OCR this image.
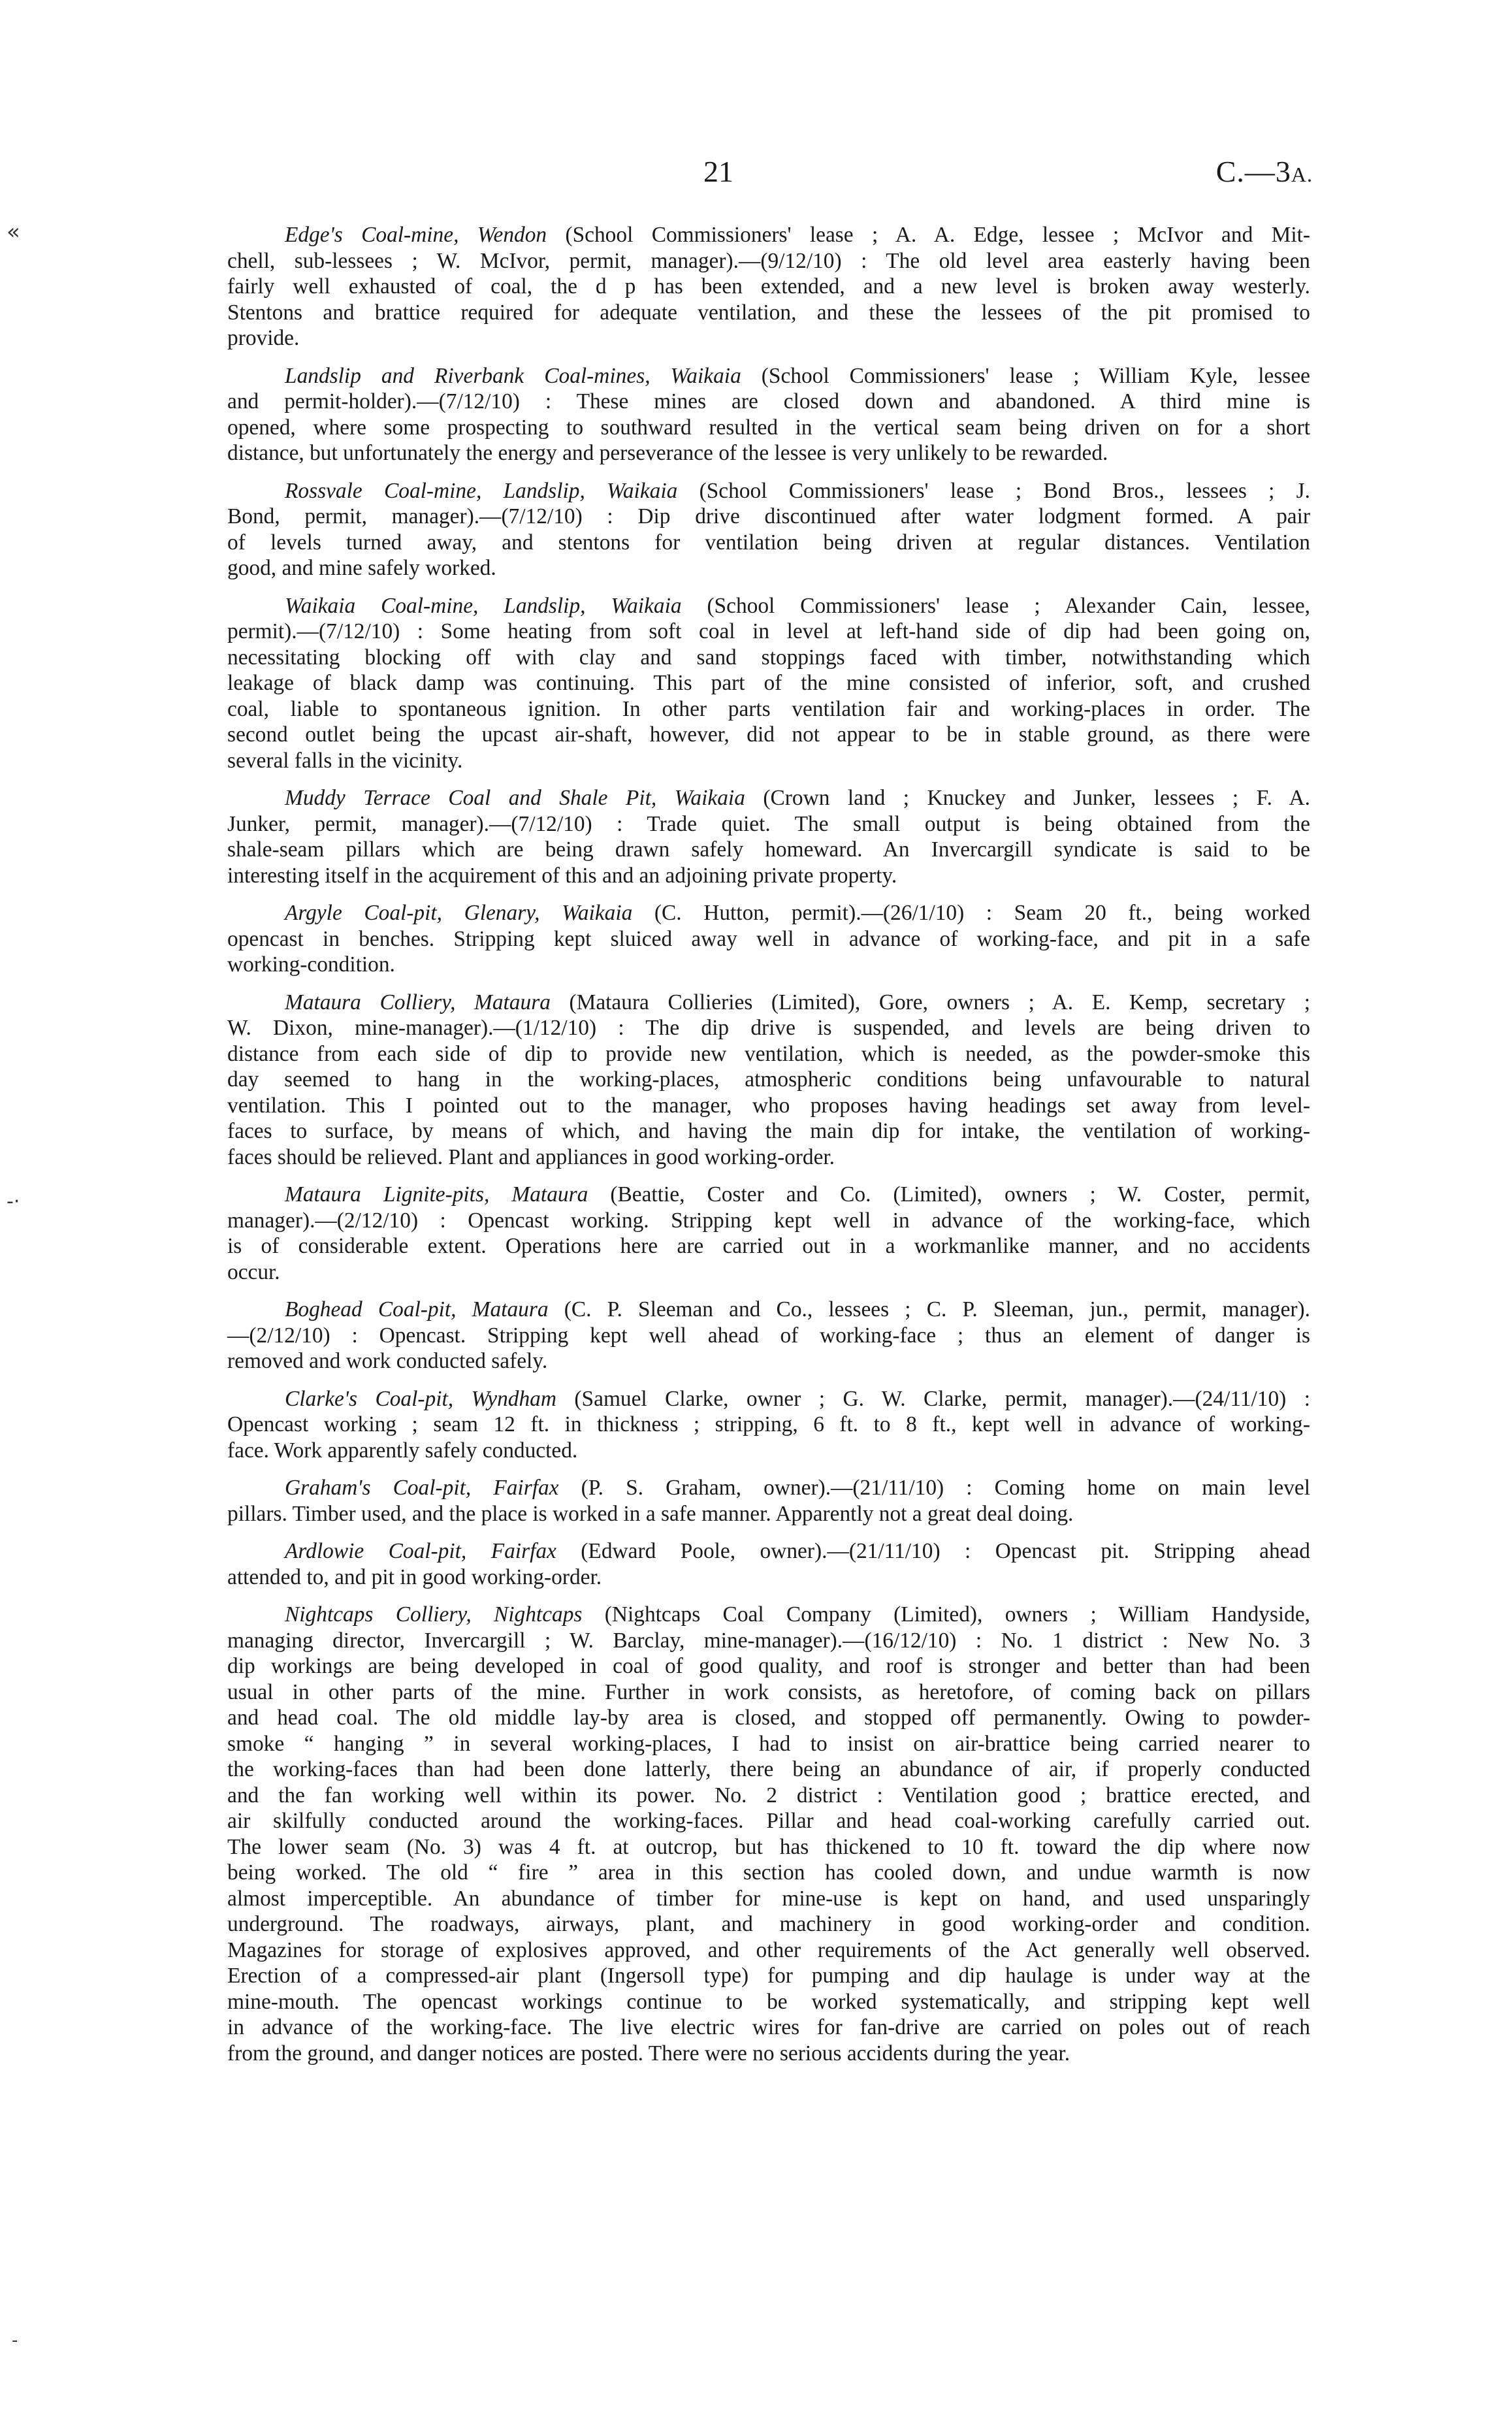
21	C.—3A.
«
-·
-
Edge's Coal-mine, Wendon (School Commissioners' lease ; A. A. Edge, lessee ; McIvor and Mit-
chell, sub-lessees ; W. McIvor, permit, manager).—(9/12/10) : The old level area easterly having been
fairly well exhausted of coal, the d p has been extended, and a new level is broken away westerly.
Stentons and brattice required for adequate ventilation, and these the lessees of the pit promised to
provide.
Landslip and Riverbank Coal-mines, Waikaia (School Commissioners' lease ; William Kyle, lessee
and permit-holder).—(7/12/10) : These mines are closed down and abandoned. A third mine is
opened, where some prospecting to southward resulted in the vertical seam being driven on for a short
distance, but unfortunately the energy and perseverance of the lessee is very unlikely to be rewarded.
Rossvale Coal-mine, Landslip, Waikaia (School Commissioners' lease ; Bond Bros., lessees ; J.
Bond, permit, manager).—(7/12/10) : Dip drive discontinued after water lodgment formed. A pair
of levels turned away, and stentons for ventilation being driven at regular distances. Ventilation
good, and mine safely worked.
Waikaia Coal-mine, Landslip, Waikaia (School Commissioners' lease ; Alexander Cain, lessee,
permit).—(7/12/10) : Some heating from soft coal in level at left-hand side of dip had been going on,
necessitating blocking off with clay and sand stoppings faced with timber, notwithstanding which
leakage of black damp was continuing. This part of the mine consisted of inferior, soft, and crushed
coal, liable to spontaneous ignition. In other parts ventilation fair and working-places in order. The
second outlet being the upcast air-shaft, however, did not appear to be in stable ground, as there were
several falls in the vicinity.
Muddy Terrace Coal and Shale Pit, Waikaia (Crown land ; Knuckey and Junker, lessees ; F. A.
Junker, permit, manager).—(7/12/10) : Trade quiet. The small output is being obtained from the
shale-seam pillars which are being drawn safely homeward. An Invercargill syndicate is said to be
interesting itself in the acquirement of this and an adjoining private property.
Argyle Coal-pit, Glenary, Waikaia (C. Hutton, permit).—(26/1/10) : Seam 20 ft., being worked
opencast in benches. Stripping kept sluiced away well in advance of working-face, and pit in a safe
working-condition.
Mataura Colliery, Mataura (Mataura Collieries (Limited), Gore, owners ; A. E. Kemp, secretary ;
W. Dixon, mine-manager).—(1/12/10) : The dip drive is suspended, and levels are being driven to
distance from each side of dip to provide new ventilation, which is needed, as the powder-smoke this
day seemed to hang in the working-places, atmospheric conditions being unfavourable to natural
ventilation. This I pointed out to the manager, who proposes having headings set away from level-
faces to surface, by means of which, and having the main dip for intake, the ventilation of working-
faces should be relieved. Plant and appliances in good working-order.
Mataura Lignite-pits, Mataura (Beattie, Coster and Co. (Limited), owners ; W. Coster, permit,
manager).—(2/12/10) : Opencast working. Stripping kept well in advance of the working-face, which
is of considerable extent. Operations here are carried out in a workmanlike manner, and no accidents
occur.
Boghead Coal-pit, Mataura (C. P. Sleeman and Co., lessees ; C. P. Sleeman, jun., permit, manager).
—(2/12/10) : Opencast. Stripping kept well ahead of working-face ; thus an element of danger is
removed and work conducted safely.
Clarke's Coal-pit, Wyndham (Samuel Clarke, owner ; G. W. Clarke, permit, manager).—(24/11/10) :
Opencast working ; seam 12 ft. in thickness ; stripping, 6 ft. to 8 ft., kept well in advance of working-
face. Work apparently safely conducted.
Graham's Coal-pit, Fairfax (P. S. Graham, owner).—(21/11/10) : Coming home on main level
pillars. Timber used, and the place is worked in a safe manner. Apparently not a great deal doing.
Ardlowie Coal-pit, Fairfax (Edward Poole, owner).—(21/11/10) : Opencast pit. Stripping ahead
attended to, and pit in good working-order.
Nightcaps Colliery, Nightcaps (Nightcaps Coal Company (Limited), owners ; William Handyside,
managing director, Invercargill ; W. Barclay, mine-manager).—(16/12/10) : No. 1 district : New No. 3
dip workings are being developed in coal of good quality, and roof is stronger and better than had been
usual in other parts of the mine. Further in work consists, as heretofore, of coming back on pillars
and head coal. The old middle lay-by area is closed, and stopped off permanently. Owing to powder-
smoke “ hanging ” in several working-places, I had to insist on air-brattice being carried nearer to
the working-faces than had been done latterly, there being an abundance of air, if properly conducted
and the fan working well within its power. No. 2 district : Ventilation good ; brattice erected, and
air skilfully conducted around the working-faces. Pillar and head coal-working carefully carried out.
The lower seam (No. 3) was 4 ft. at outcrop, but has thickened to 10 ft. toward the dip where now
being worked. The old “ fire ” area in this section has cooled down, and undue warmth is now
almost imperceptible. An abundance of timber for mine-use is kept on hand, and used unsparingly
underground. The roadways, airways, plant, and machinery in good working-order and condition.
Magazines for storage of explosives approved, and other requirements of the Act generally well observed.
Erection of a compressed-air plant (Ingersoll type) for pumping and dip haulage is under way at the
mine-mouth. The opencast workings continue to be worked systematically, and stripping kept well
in advance of the working-face. The live electric wires for fan-drive are carried on poles out of reach
from the ground, and danger notices are posted. There were no serious accidents during the year.
